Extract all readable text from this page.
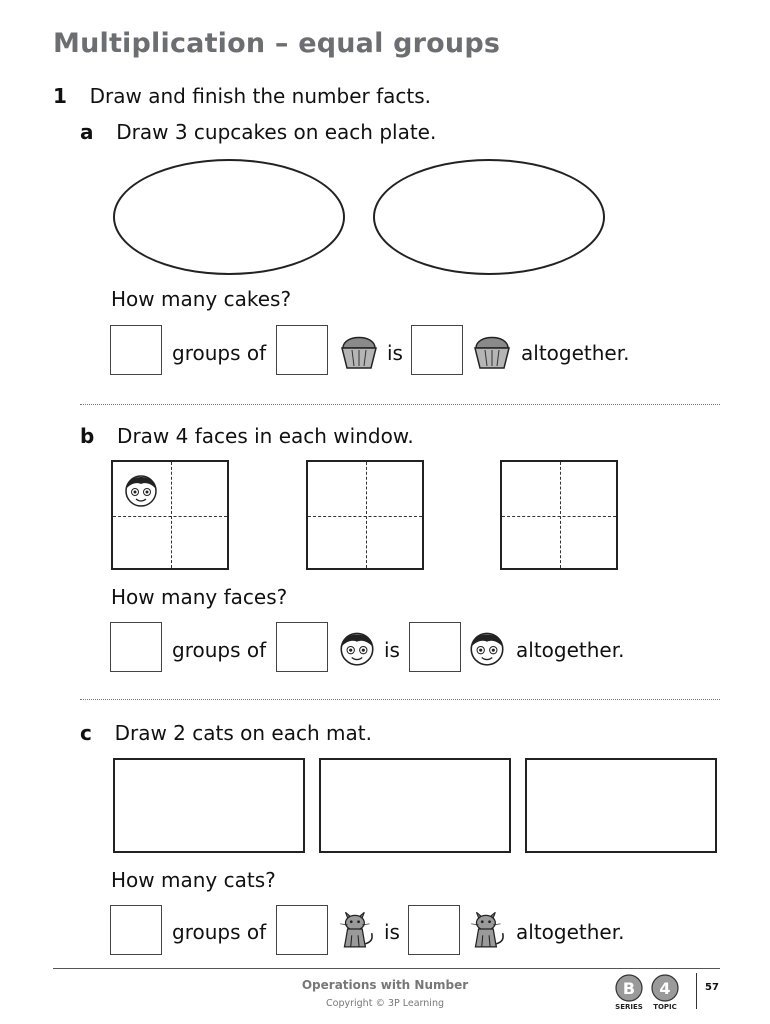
Multiplication – equal groups
1 Draw and finish the number facts.
a Draw 3 cupcakes on each plate.
How many cakes?
groups of	is	altogether.
b Draw 4 faces in each window.
How many faces?
groups of	is	altogether.
c Draw 2 cats on each mat.
How many cats?
groups of	is	altogether.
Operations with Number
Copyright © 3P Learning
B
SERIES
4
TOPIC
57
